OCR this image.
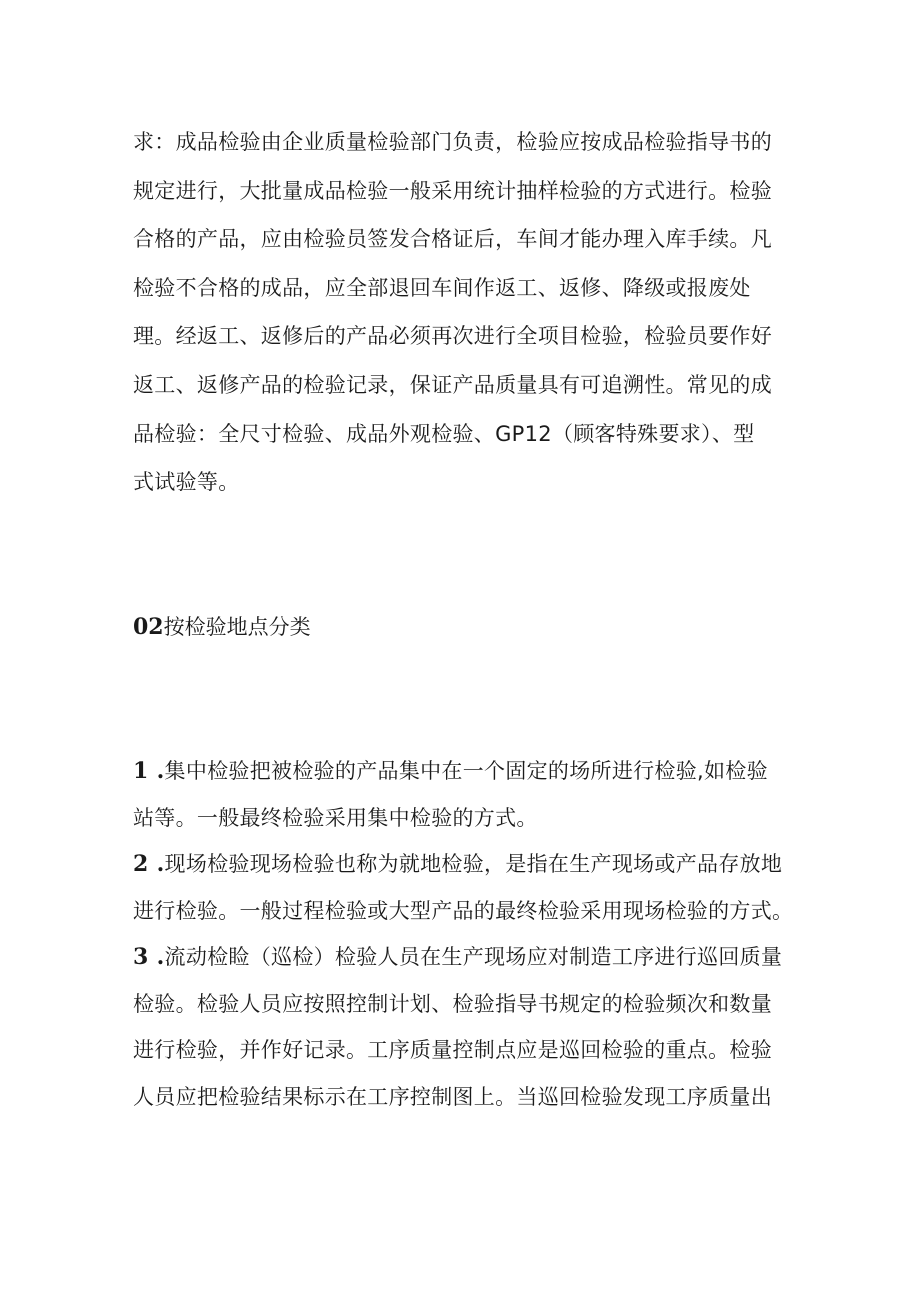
求：成品检验由企业质量检验部门负责，检验应按成品检验指导书的
规定进行，大批量成品检验一般采用统计抽样检验的方式进行。检验
合格的产品，应由检验员签发合格证后，车间才能办理入库手续。凡
检验不合格的成品，应全部退回车间作返工、返修、降级或报废处
理。经返工、返修后的产品必须再次进行全项目检验，检验员要作好
返工、返修产品的检验记录，保证产品质量具有可追溯性。常见的成
品检验：全尺寸检验、成品外观检验、GP12（顾客特殊要求）、型
式试验等。
02按检验地点分类
1 .集中检验把被检验的产品集中在一个固定的场所进行检验,如检验
站等。一般最终检验采用集中检验的方式。
2 .现场检验现场检验也称为就地检验，是指在生产现场或产品存放地
进行检验。一般过程检验或大型产品的最终检验采用现场检验的方式。
3 .流动检睑（巡检）检验人员在生产现场应对制造工序进行巡回质量
检验。检验人员应按照控制计划、检验指导书规定的检验频次和数量
进行检验，并作好记录。工序质量控制点应是巡回检验的重点。检验
人员应把检验结果标示在工序控制图上。当巡回检验发现工序质量出
